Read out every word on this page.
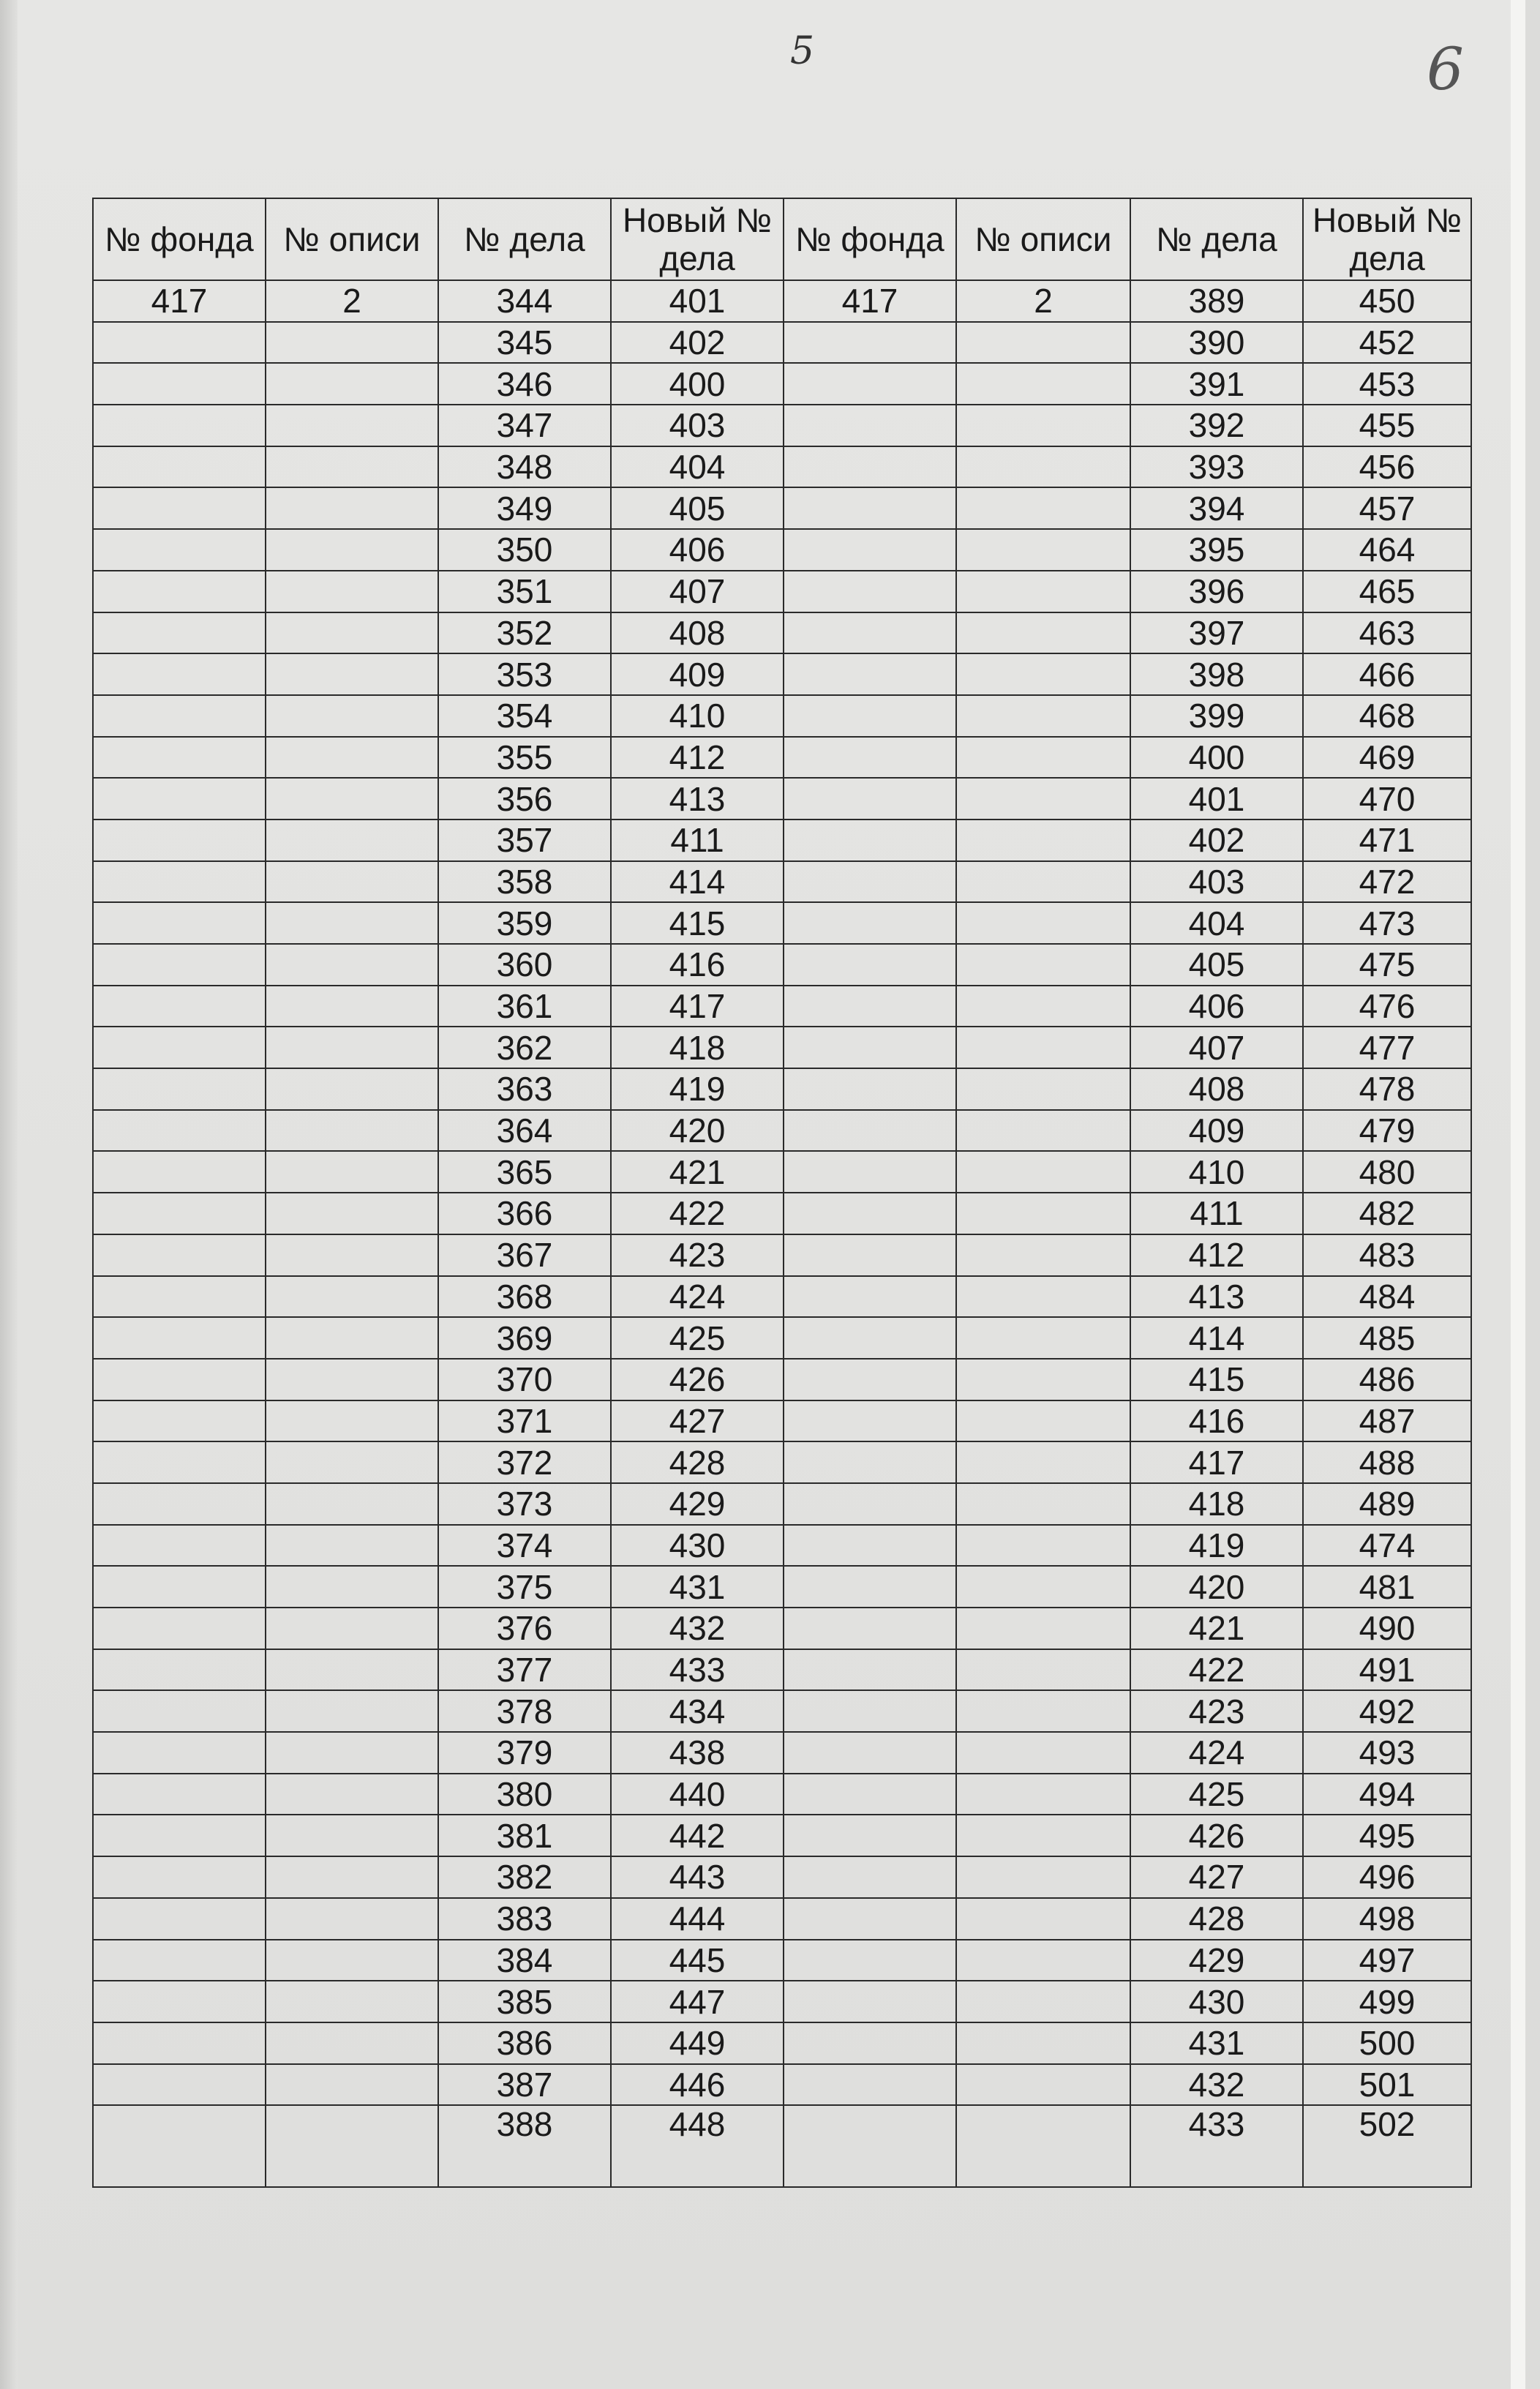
5	6
№ фонда	№ описи	№ дела	Новый № дела	№ фонда	№ описи	№ дела	Новый № дела
417	2	344	401	417	2	389	450
		345	402			390	452
		346	400			391	453
		347	403			392	455
		348	404			393	456
		349	405			394	457
		350	406			395	464
		351	407			396	465
		352	408			397	463
		353	409			398	466
		354	410			399	468
		355	412			400	469
		356	413			401	470
		357	411			402	471
		358	414			403	472
		359	415			404	473
		360	416			405	475
		361	417			406	476
		362	418			407	477
		363	419			408	478
		364	420			409	479
		365	421			410	480
		366	422			411	482
		367	423			412	483
		368	424			413	484
		369	425			414	485
		370	426			415	486
		371	427			416	487
		372	428			417	488
		373	429			418	489
		374	430			419	474
		375	431			420	481
		376	432			421	490
		377	433			422	491
		378	434			423	492
		379	438			424	493
		380	440			425	494
		381	442			426	495
		382	443			427	496
		383	444			428	498
		384	445			429	497
		385	447			430	499
		386	449			431	500
		387	446			432	501
		388	448			433	502
